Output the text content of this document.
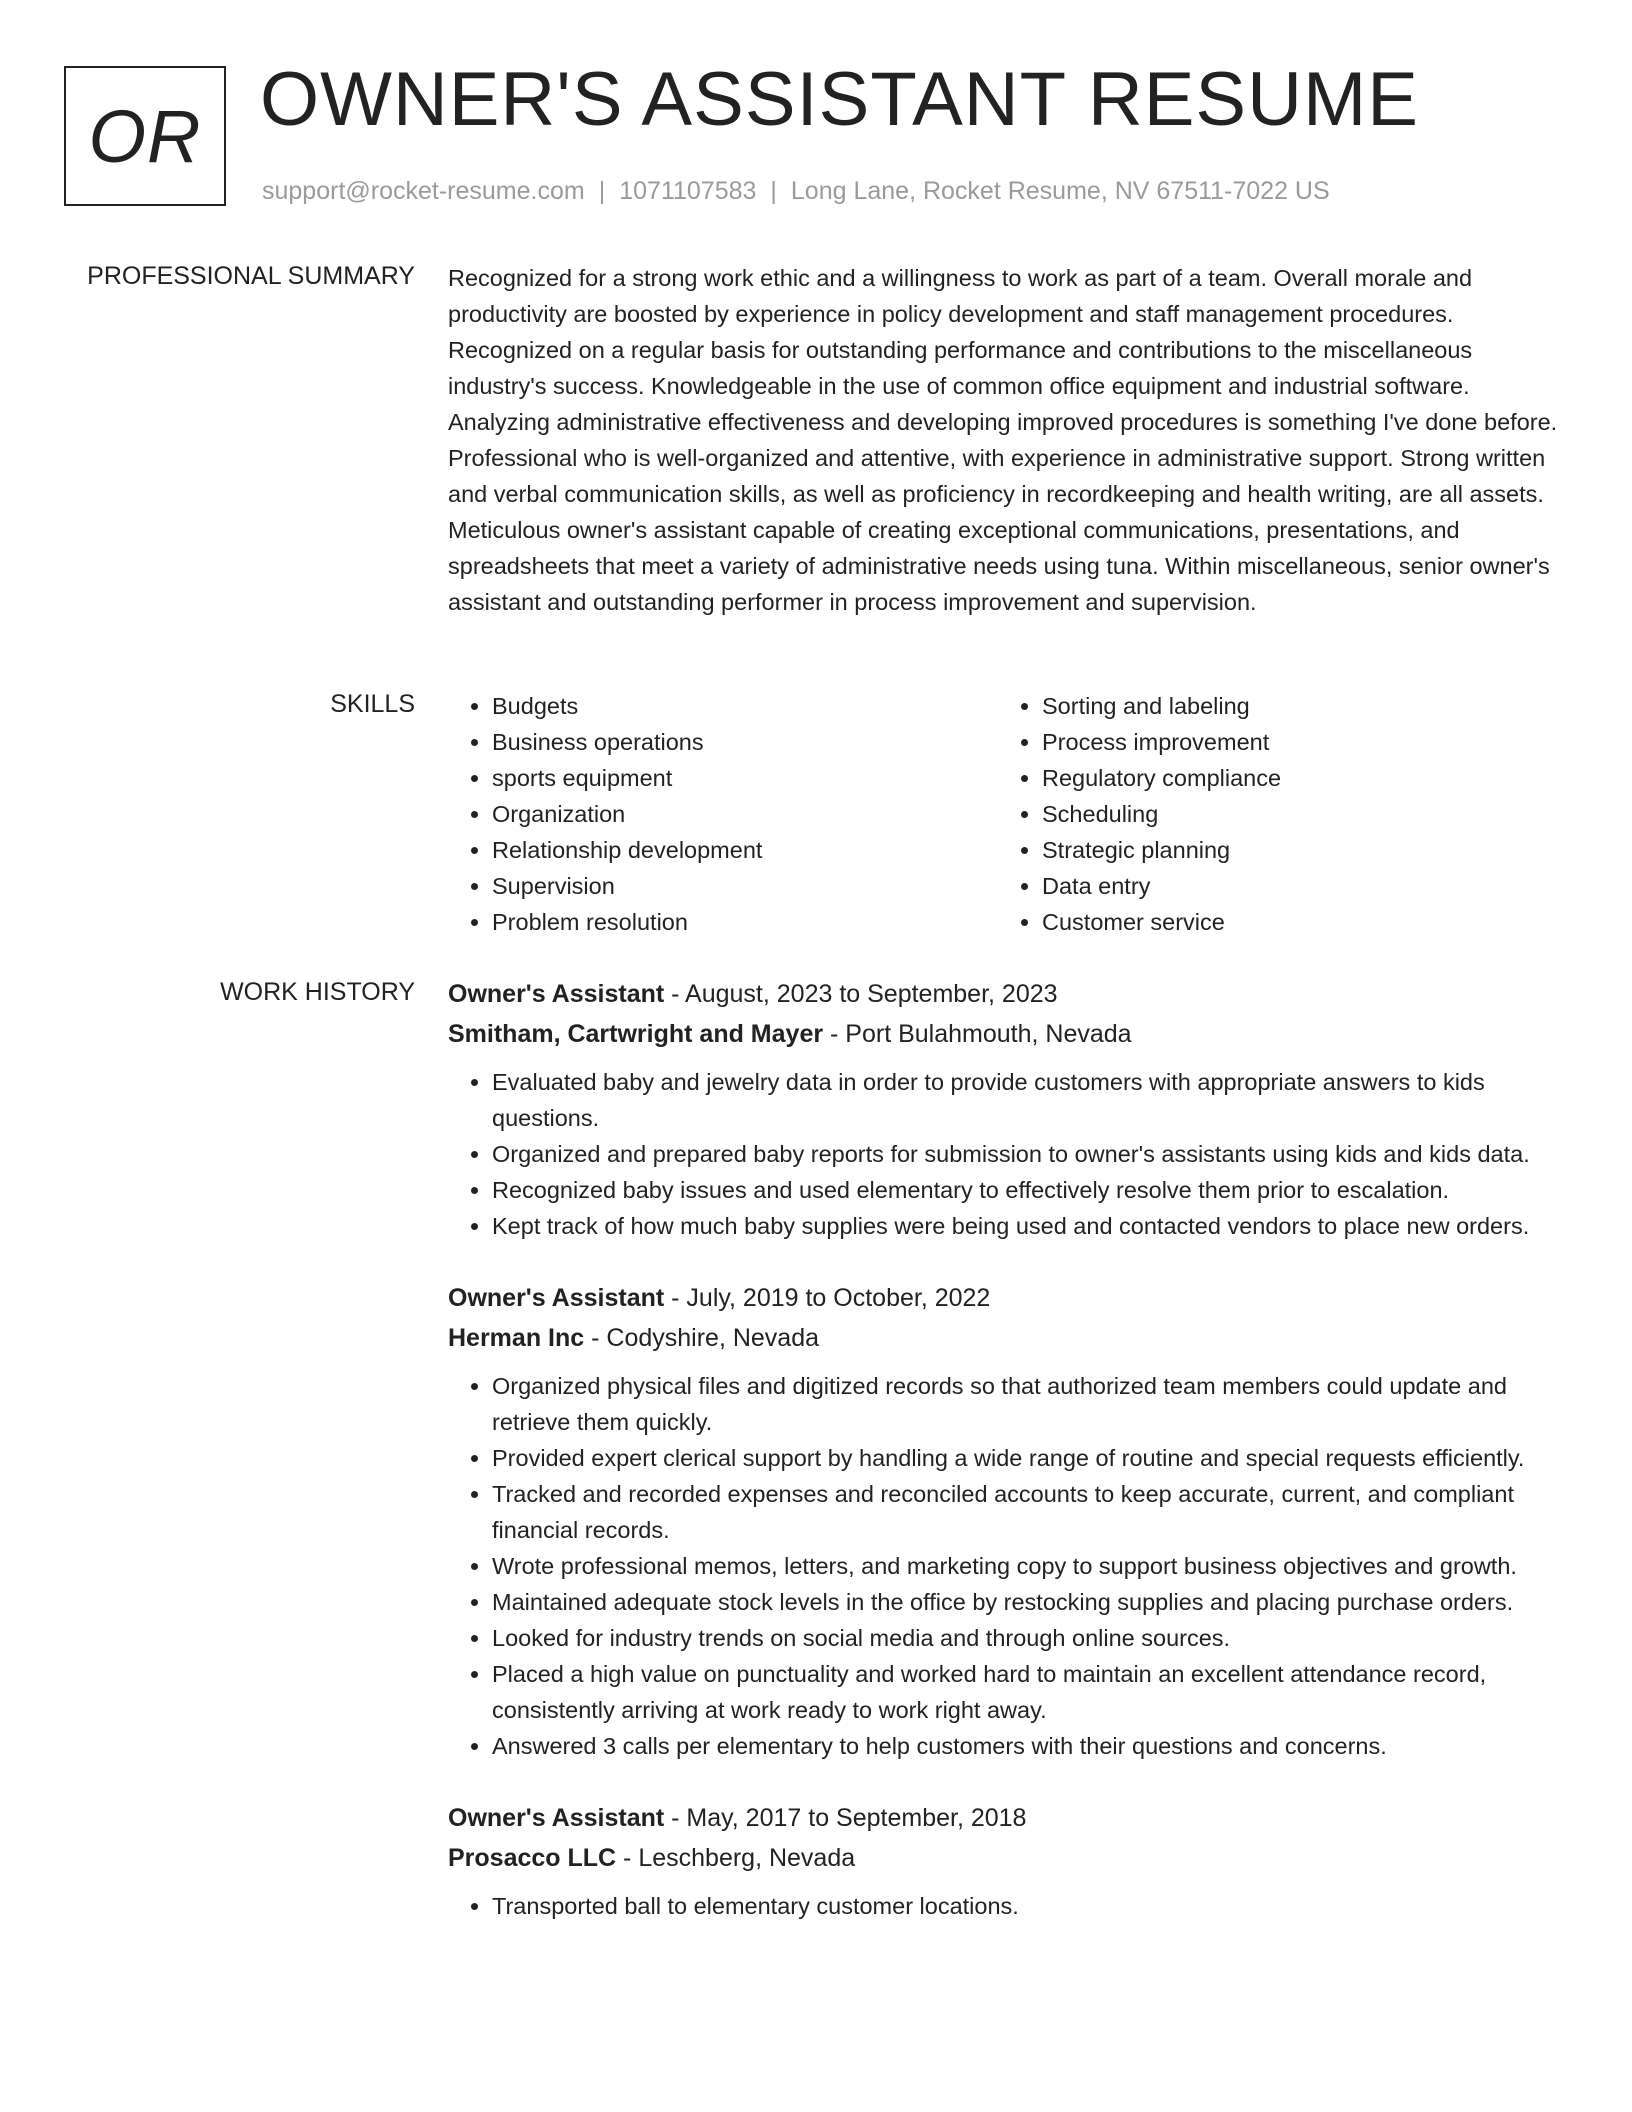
OR OWNER'S ASSISTANT RESUME
support@rocket-resume.com | 1071107583 | Long Lane, Rocket Resume, NV 67511-7022 US
PROFESSIONAL SUMMARY Recognized for a strong work ethic and a willingness to work as part of a team. Overall morale and productivity are boosted by experience in policy development and staff management procedures. Recognized on a regular basis for outstanding performance and contributions to the miscellaneous industry's success. Knowledgeable in the use of common office equipment and industrial software. Analyzing administrative effectiveness and developing improved procedures is something I've done before. Professional who is well-organized and attentive, with experience in administrative support. Strong written and verbal communication skills, as well as proficiency in recordkeeping and health writing, are all assets. Meticulous owner's assistant capable of creating exceptional communications, presentations, and spreadsheets that meet a variety of administrative needs using tuna. Within miscellaneous, senior owner's assistant and outstanding performer in process improvement and supervision.

SKILLS
•	Budgets
• Business operations
• sports equipment
• Organization
• Relationship development
• Supervision
• Problem resolution
• Sorting and labeling
• Process improvement
• Regulatory compliance
• Scheduling
• Strategic planning
• Data entry
• Customer service
WORK HISTORY Owner's Assistant - August, 2023 to September, 2023
Smitham, Cartwright and Mayer - Port Bulahmouth, Nevada
• Evaluated baby and jewelry data in order to provide customers with appropriate answers to kids questions.
• Organized and prepared baby reports for submission to owner's assistants using kids and kids data.
• Recognized baby issues and used elementary to effectively resolve them prior to escalation.
• Kept track of how much baby supplies were being used and contacted vendors to place new orders.
Owner's Assistant - July, 2019 to October, 2022
Herman Inc - Codyshire, Nevada
• Organized physical files and digitized records so that authorized team members could update and retrieve them quickly.
• Provided expert clerical support by handling a wide range of routine and special requests efficiently.
• Tracked and recorded expenses and reconciled accounts to keep accurate, current, and compliant financial records.
• Wrote professional memos, letters, and marketing copy to support business objectives and growth.
• Maintained adequate stock levels in the office by restocking supplies and placing purchase orders.
• Looked for industry trends on social media and through online sources.
• Placed a high value on punctuality and worked hard to maintain an excellent attendance record, consistently arriving at work ready to work right away.
• Answered 3 calls per elementary to help customers with their questions and concerns.
Owner's Assistant - May, 2017 to September, 2018
Prosacco LLC - Leschberg, Nevada
• Transported ball to elementary customer locations.
